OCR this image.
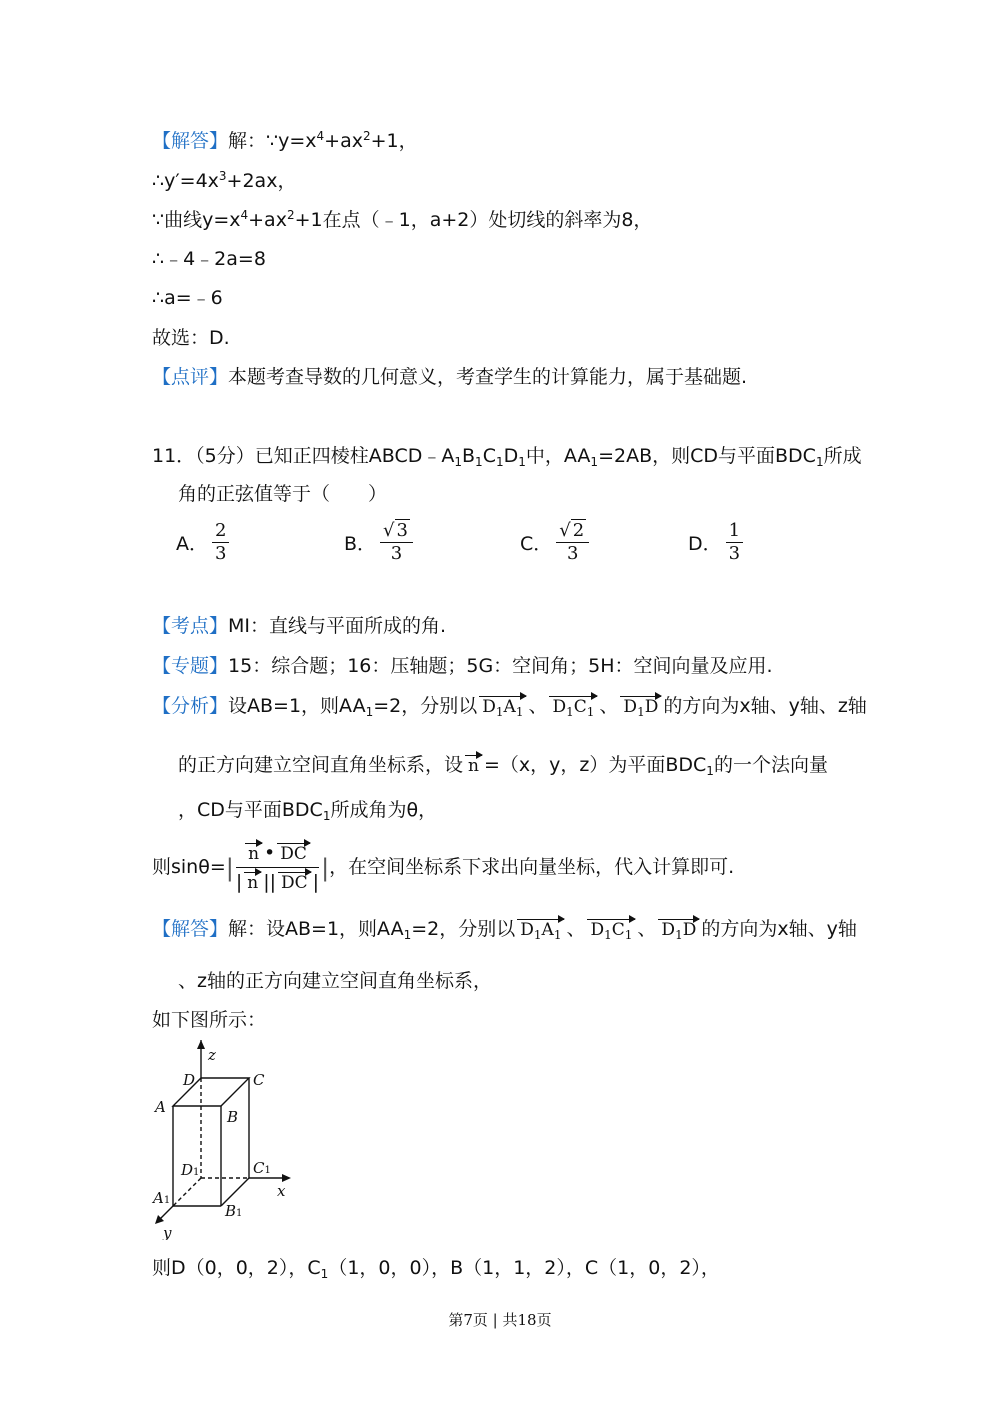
【解答】解：$\because y=x^4+ax^2+1$，
$\therefore y'=4x^3+2ax$，
∵曲线$y=x^4+ax^2+1$在点（﹣1，a+2）处切线的斜率为8，
∴﹣4﹣2a=8
∴a=﹣6
故选：D.
【点评】本题考查导数的几何意义，考查学生的计算能力，属于基础题.
11．（5分）已知正四棱柱$ABCD﹣A_1B_1C_1D_1$中，$AA_1=2AB$，则CD与平面$BDC_1$所成
角的正弦值等于（　　）
A． $\frac{2}{3}$	B． $\frac{√ 3}{3}$	C． $\frac{√ 2}{3}$	D． $\frac{1}{3}$
【考点】MI：直线与平面所成的角.
【专题】15：综合题；16：压轴题；5G：空间角；5H：空间向量及应用.
【分析】设AB=1，则$AA_1=2$，分别以 $D_1A_1$ 、 $D_1C_1$ 、 $D_1D$ 的方向为x轴、y轴、z轴
的正方向建立空间直角坐标系，设 n =（x，y，z）为平面$BDC_1$的一个法向量
，CD与平面$BDC_1$所成角为θ，
则$\sin\theta=| \frac{n • DC}{| n || DC |}$ |，在空间坐标系下求出向量坐标，代入计算即可.
【解答】解：设AB=1，则$AA_1=2$，分别以 $D_1A_1$ 、 $D_1C_1$ 、 $D_1D$ 的方向为x轴、y轴
、z轴的正方向建立空间直角坐标系，
如下图所示：
z
x
y
D	C
A
B
D1	C1
A1
B1
则D（0，0，2），$C_1(1$，0，0），B（1，1，2），C（1，0，2），
第7页 | 共18页
